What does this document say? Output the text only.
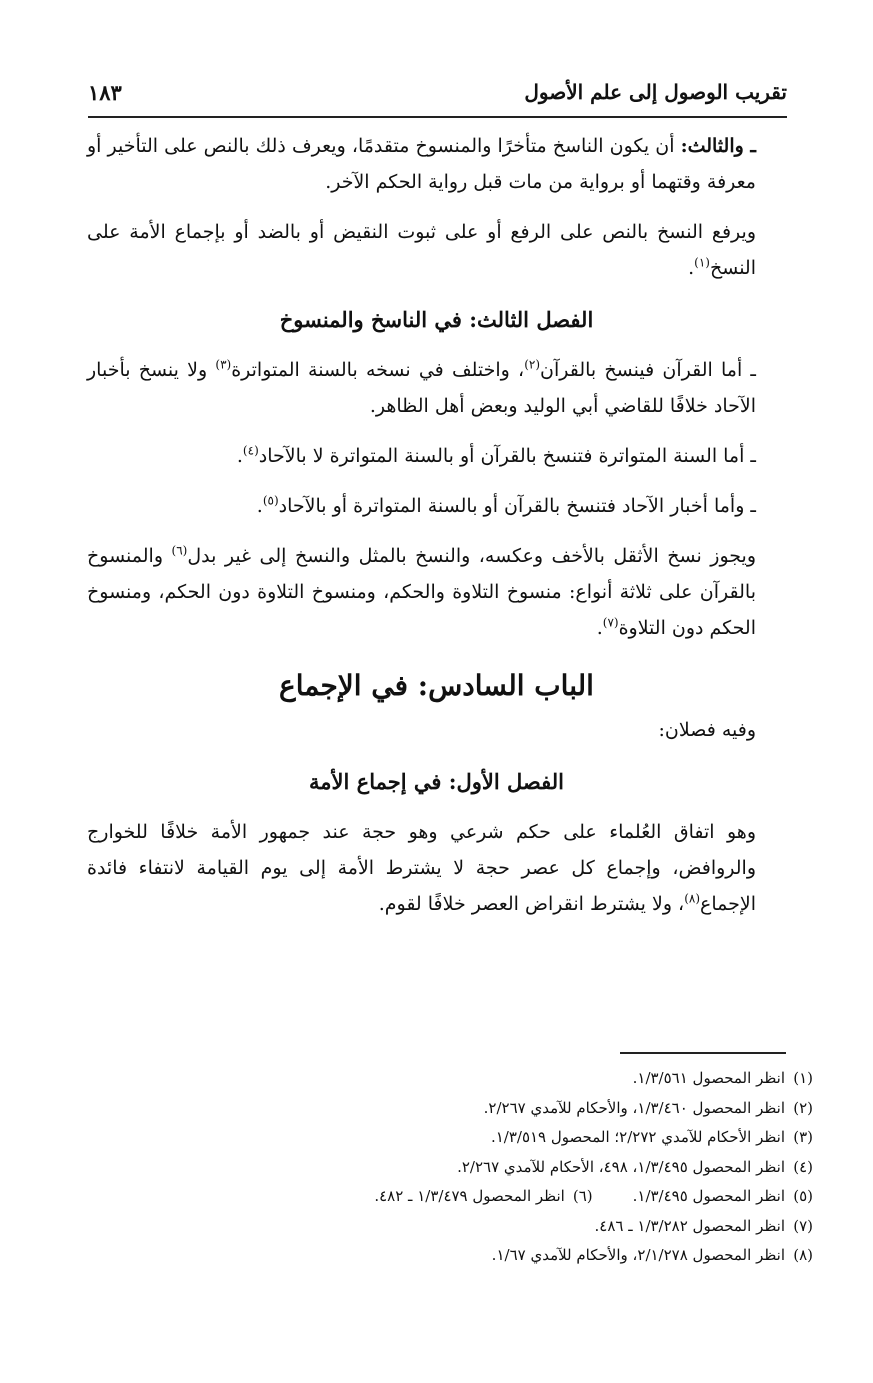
تقريب الوصول إلى علم الأصول
١٨٣

ـ والثالث: أن يكون الناسخ متأخرًا والمنسوخ متقدمًا، ويعرف ذلك بالنص على التأخير أو معرفة وقتهما أو برواية من مات قبل رواية الحكم الآخر.

ويرفع النسخ بالنص على الرفع أو على ثبوت النقيض أو بالضد أو بإجماع الأمة على النسخ$^{(١)}$.

الفصل الثالث: في الناسخ والمنسوخ

ـ أما القرآن فينسخ بالقرآن$^{(٢)}$، واختلف في نسخه بالسنة المتواترة$^{(٣)}$ ولا ينسخ بأخبار الآحاد خلافًا للقاضي أبي الوليد وبعض أهل الظاهر.

ـ أما السنة المتواترة فتنسخ بالقرآن أو بالسنة المتواترة لا بالآحاد$^{(٤)}$.

ـ وأما أخبار الآحاد فتنسخ بالقرآن أو بالسنة المتواترة أو بالآحاد$^{(٥)}$.

ويجوز نسخ الأثقل بالأخف وعكسه، والنسخ بالمثل والنسخ إلى غير بدل$^{(٦)}$ والمنسوخ بالقرآن على ثلاثة أنواع: منسوخ التلاوة والحكم، ومنسوخ التلاوة دون الحكم، ومنسوخ الحكم دون التلاوة$^{(٧)}$.

الباب السادس: في الإجماع

وفيه فصلان:

الفصل الأول: في إجماع الأمة

وهو اتفاق العُلماء على حكم شرعي وهو حجة عند جمهور الأمة خلافًا للخوارج والروافض، وإجماع كل عصر حجة لا يشترط الأمة إلى يوم القيامة لانتفاء فائدة الإجماع$^{(٨)}$، ولا يشترط انقراض العصر خلافًا لقوم.

(١)
انظر المحصول ١/٣/٥٦١.
(٢)
انظر المحصول ١/٣/٤٦٠، والأحكام للآمدي ٢/٢٦٧.
(٣)
انظر الأحكام للآمدي ٢/٢٧٢؛ المحصول ١/٣/٥١٩.
(٤)
انظر المحصول ١/٣/٤٩٥، ٤٩٨، الأحكام للآمدي ٢/٢٦٧.
(٥)
انظر المحصول ١/٣/٤٩٥.
(٦)
انظر المحصول ١/٣/٤٧٩ ـ ٤٨٢.
(٧)
انظر المحصول ١/٣/٢٨٢ ـ ٤٨٦.
(٨)
انظر المحصول ٢/١/٢٧٨، والأحكام للآمدي ١/٦٧.
